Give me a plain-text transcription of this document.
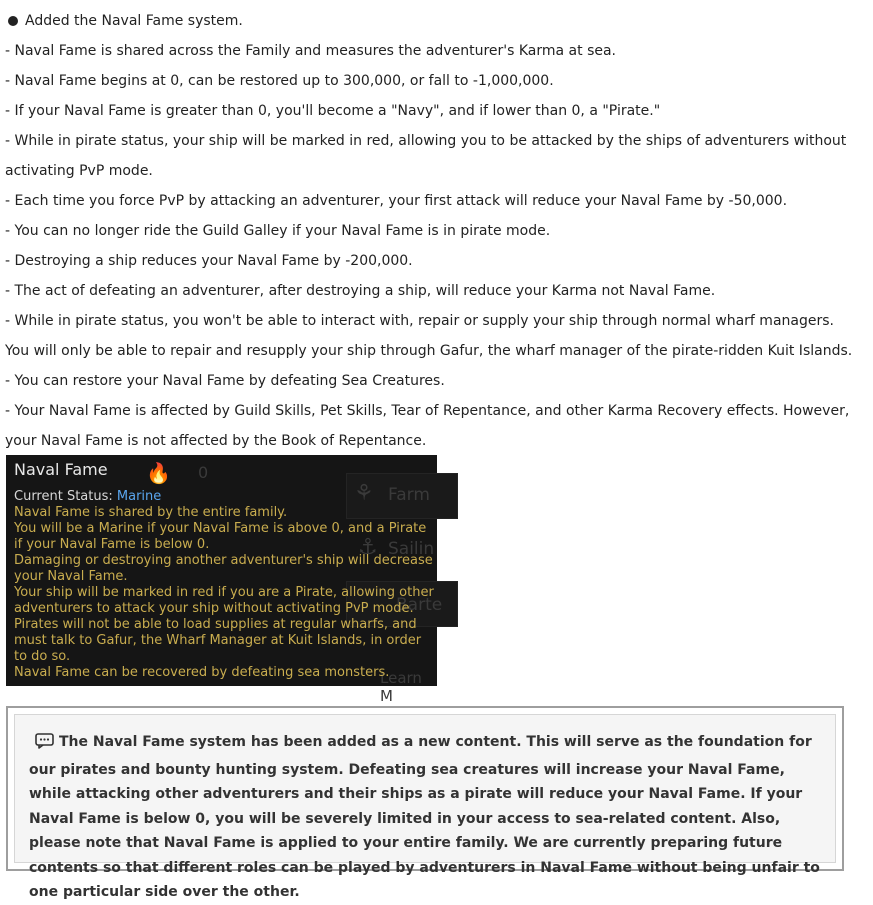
Added the Naval Fame system.

- Naval Fame is shared across the Family and measures the adventurer's Karma at sea.

- Naval Fame begins at 0, can be restored up to 300,000, or fall to -1,000,000.

- If your Naval Fame is greater than 0, you'll become a "Navy", and if lower than 0, a "Pirate."

- While in pirate status, your ship will be marked in red, allowing you to be attacked by the ships of adventurers without activating PvP mode.

- Each time you force PvP by attacking an adventurer, your first attack will reduce your Naval Fame by -50,000.

- You can no longer ride the Guild Galley if your Naval Fame is in pirate mode.

- Destroying a ship reduces your Naval Fame by -200,000.

- The act of defeating an adventurer, after destroying a ship, will reduce your Karma not Naval Fame.

- While in pirate status, you won't be able to interact with, repair or supply your ship through normal wharf managers. You will only be able to repair and resupply your ship through Gafur, the wharf manager of the pirate-ridden Kuit Islands.

- You can restore your Naval Fame by defeating Sea Creatures.

- Your Naval Fame is affected by Guild Skills, Pet Skills, Tear of Repentance, and other Karma Recovery effects. However, your Naval Fame is not affected by the Book of Repentance.

🔥 0
⚘ Farm
⚓ Sailin
Barte
Learn M
Naval Fame
Current Status: Marine

Naval Fame is shared by the entire family.

You will be a Marine if your Naval Fame is above 0, and a Pirate if your Naval Fame is below 0.

Damaging or destroying another adventurer's ship will decrease your Naval Fame.

Your ship will be marked in red if you are a Pirate, allowing other adventurers to attack your ship without activating PvP mode.

Pirates will not be able to load supplies at regular wharfs, and must talk to Gafur, the Wharf Manager at Kuit Islands, in order to do so.

Naval Fame can be recovered by defeating sea monsters.

The Naval Fame system has been added as a new content. This will serve as the foundation for our pirates and bounty hunting system. Defeating sea creatures will increase your Naval Fame, while attacking other adventurers and their ships as a pirate will reduce your Naval Fame. If your Naval Fame is below 0, you will be severely limited in your access to sea-related content. Also, please note that Naval Fame is applied to your entire family. We are currently preparing future contents so that different roles can be played by adventurers in Naval Fame without being unfair to one particular side over the other.
